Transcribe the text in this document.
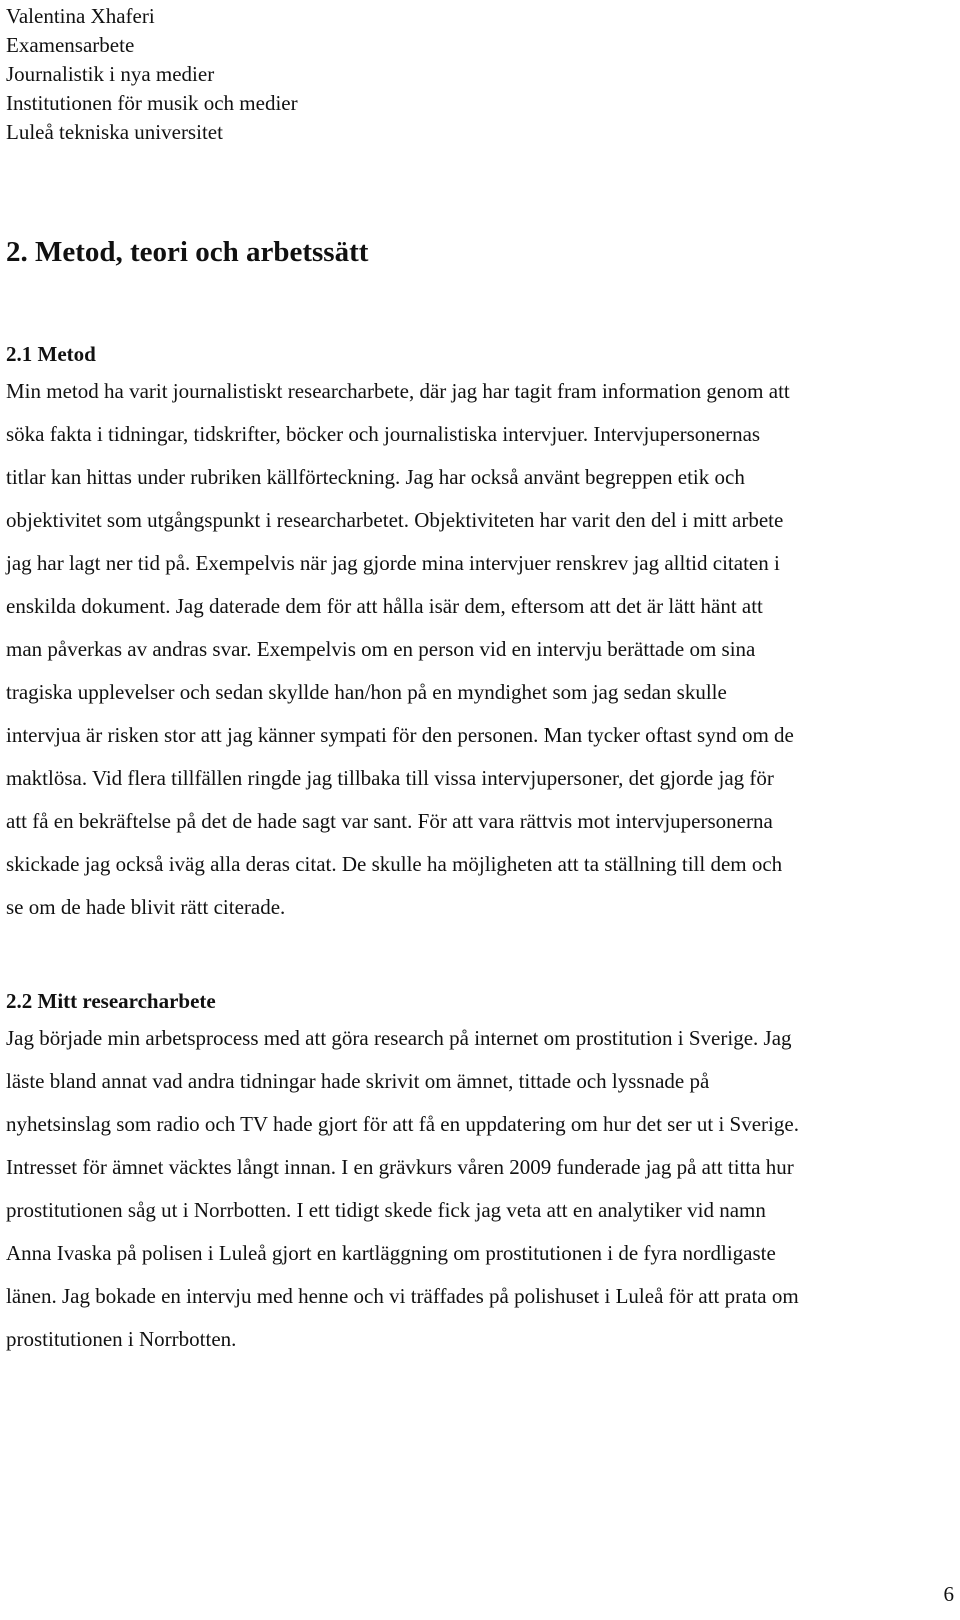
Valentina Xhaferi
Examensarbete
Journalistik i nya medier
Institutionen för musik och medier
Luleå tekniska universitet
2. Metod, teori och arbetssätt
2.1 Metod

Min metod ha varit journalistiskt researcharbete, där jag har tagit fram information genom att
söka fakta i tidningar, tidskrifter, böcker och journalistiska intervjuer. Intervjupersonernas
titlar kan hittas under rubriken källförteckning. Jag har också använt begreppen etik och
objektivitet som utgångspunkt i researcharbetet. Objektiviteten har varit den del i mitt arbete
jag har lagt ner tid på. Exempelvis när jag gjorde mina intervjuer renskrev jag alltid citaten i
enskilda dokument. Jag daterade dem för att hålla isär dem, eftersom att det är lätt hänt att
man påverkas av andras svar. Exempelvis om en person vid en intervju berättade om sina
tragiska upplevelser och sedan skyllde han/hon på en myndighet som jag sedan skulle
intervjua är risken stor att jag känner sympati för den personen. Man tycker oftast synd om de
maktlösa. Vid flera tillfällen ringde jag tillbaka till vissa intervjupersoner, det gjorde jag för
att få en bekräftelse på det de hade sagt var sant. För att vara rättvis mot intervjupersonerna
skickade jag också iväg alla deras citat. De skulle ha möjligheten att ta ställning till dem och
se om de hade blivit rätt citerade.

2.2 Mitt researcharbete

Jag började min arbetsprocess med att göra research på internet om prostitution i Sverige. Jag
läste bland annat vad andra tidningar hade skrivit om ämnet, tittade och lyssnade på
nyhetsinslag som radio och TV hade gjort för att få en uppdatering om hur det ser ut i Sverige.
Intresset för ämnet väcktes långt innan. I en grävkurs våren 2009 funderade jag på att titta hur
prostitutionen såg ut i Norrbotten. I ett tidigt skede fick jag veta att en analytiker vid namn
Anna Ivaska på polisen i Luleå gjort en kartläggning om prostitutionen i de fyra nordligaste
länen. Jag bokade en intervju med henne och vi träffades på polishuset i Luleå för att prata om
prostitutionen i Norrbotten.

6
